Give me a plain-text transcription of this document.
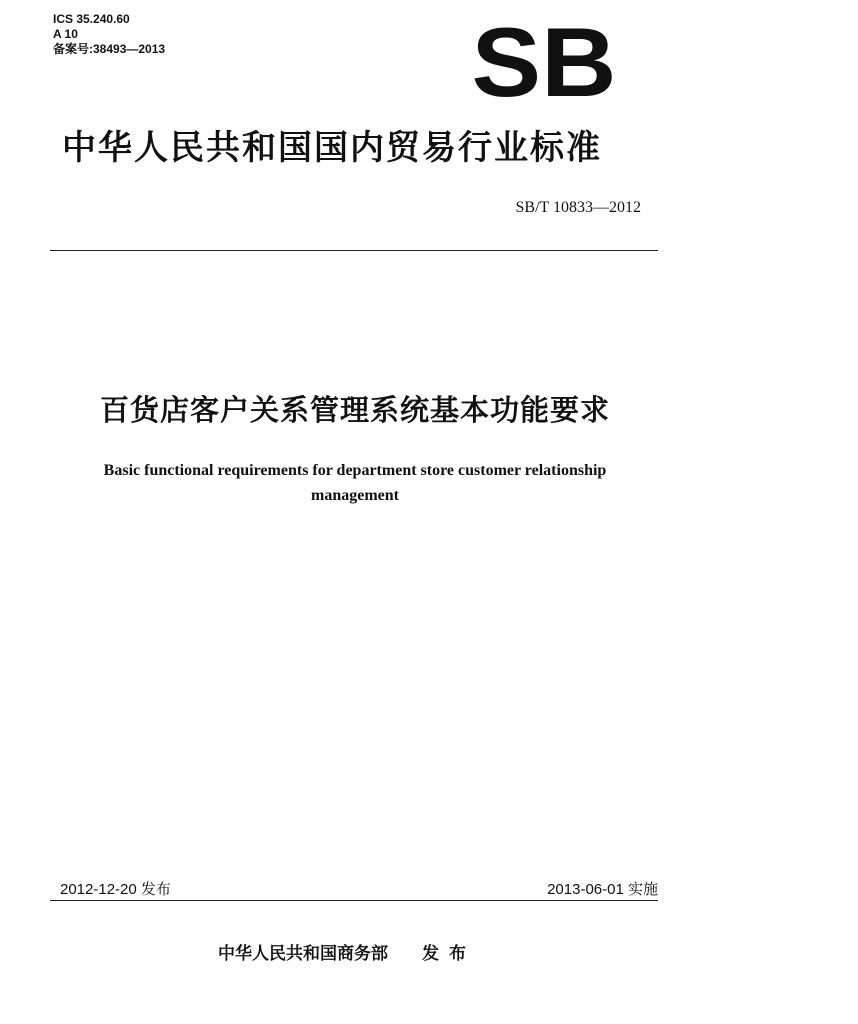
ICS 35.240.60
A 10
备案号:38493—2013	SB
中华人民共和国国内贸易行业标准
SB/T 10833—2012
百货店客户关系管理系统基本功能要求
Basic functional requirements for department store customer relationship management
2012-12-20 发布	2013-06-01 实施
中华人民共和国商务部 发布
